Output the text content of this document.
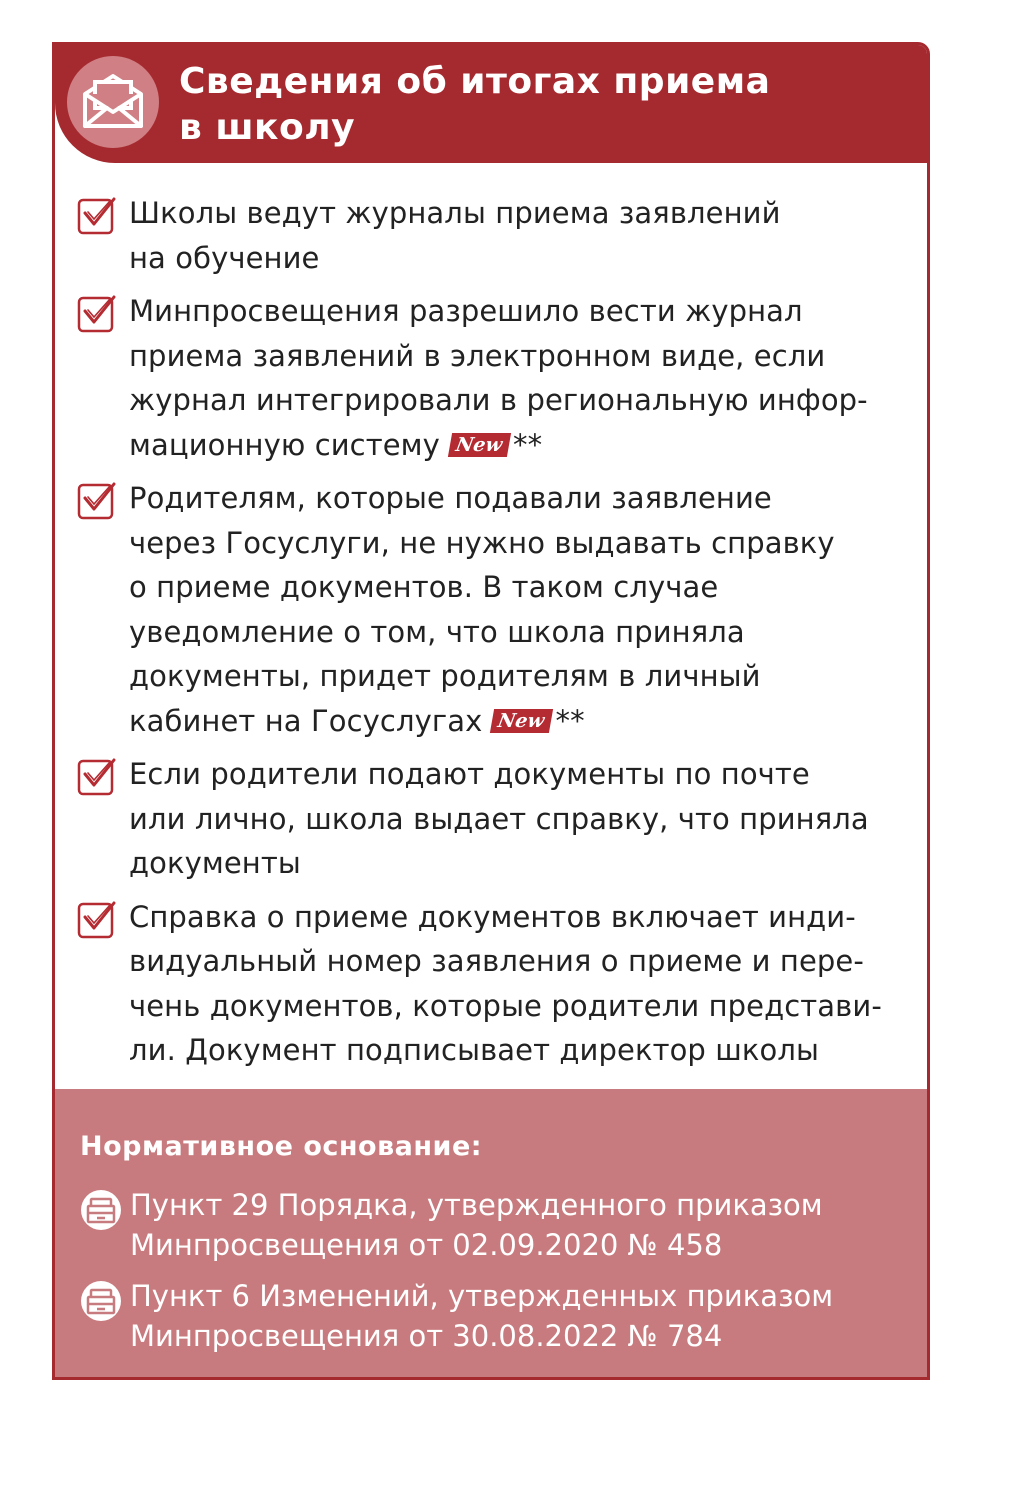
Сведения об итогах приема
в школу
Школы ведут журналы приема заявлений
на обучение
Минпросвещения разрешило вести журнал
приема заявлений в электронном виде, если
журнал интегрировали в региональную инфор-
мационную систему New **
Родителям, которые подавали заявление
через Госуслуги, не нужно выдавать справку
о приеме документов. В таком случае
уведомление о том, что школа приняла
документы, придет родителям в личный
кабинет на Госуслугах New **
Если родители подают документы по почте
или лично, школа выдает справку, что приняла
документы
Справка о приеме документов включает инди-
видуальный номер заявления о приеме и пере-
чень документов, которые родители представи-
ли. Документ подписывает директор школы
Нормативное основание:
Пункт 29 Порядка, утвержденного приказом
Минпросвещения от 02.09.2020 № 458
Пункт 6 Изменений, утвержденных приказом
Минпросвещения от 30.08.2022 № 784
